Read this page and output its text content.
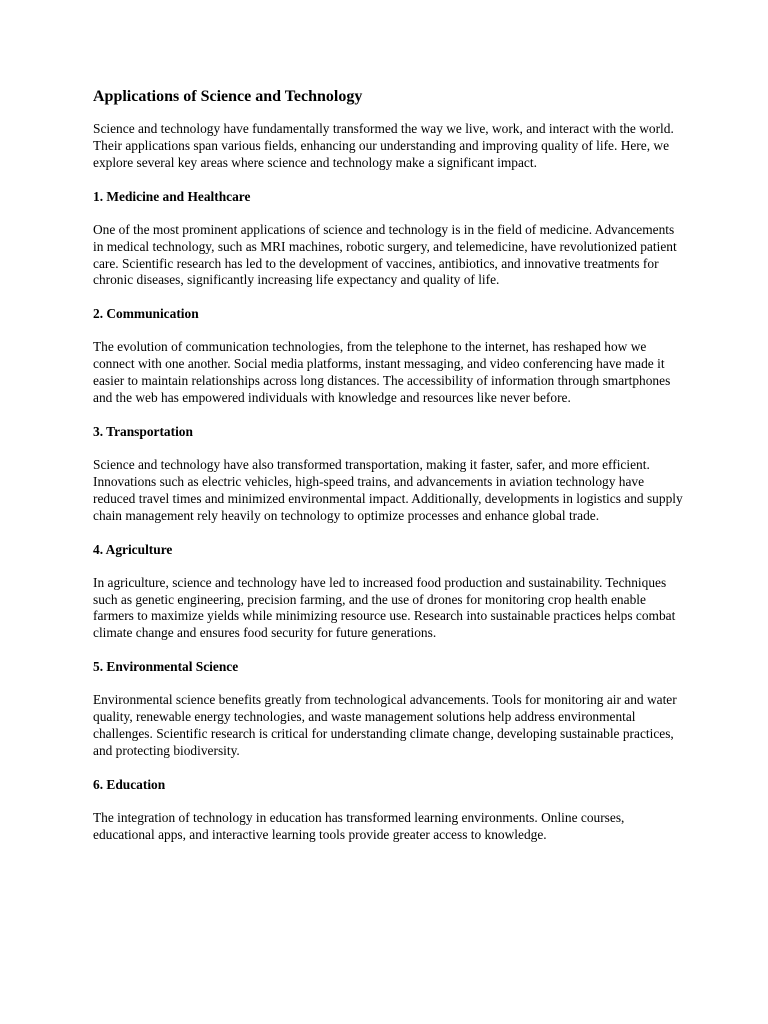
Applications of Science and Technology

Science and technology have fundamentally transformed the way we live, work, and interact with the world. Their applications span various fields, enhancing our understanding and improving quality of life. Here, we explore several key areas where science and technology make a significant impact.

1. Medicine and Healthcare

One of the most prominent applications of science and technology is in the field of medicine. Advancements in medical technology, such as MRI machines, robotic surgery, and telemedicine, have revolutionized patient care. Scientific research has led to the development of vaccines, antibiotics, and innovative treatments for chronic diseases, significantly increasing life expectancy and quality of life.

2. Communication

The evolution of communication technologies, from the telephone to the internet, has reshaped how we connect with one another. Social media platforms, instant messaging, and video conferencing have made it easier to maintain relationships across long distances. The accessibility of information through smartphones and the web has empowered individuals with knowledge and resources like never before.

3. Transportation

Science and technology have also transformed transportation, making it faster, safer, and more efficient. Innovations such as electric vehicles, high-speed trains, and advancements in aviation technology have reduced travel times and minimized environmental impact. Additionally, developments in logistics and supply chain management rely heavily on technology to optimize processes and enhance global trade.

4. Agriculture

In agriculture, science and technology have led to increased food production and sustainability. Techniques such as genetic engineering, precision farming, and the use of drones for monitoring crop health enable farmers to maximize yields while minimizing resource use. Research into sustainable practices helps combat climate change and ensures food security for future generations.

5. Environmental Science

Environmental science benefits greatly from technological advancements. Tools for monitoring air and water quality, renewable energy technologies, and waste management solutions help address environmental challenges. Scientific research is critical for understanding climate change, developing sustainable practices, and protecting biodiversity.

6. Education

The integration of technology in education has transformed learning environments. Online courses, educational apps, and interactive learning tools provide greater access to knowledge.
